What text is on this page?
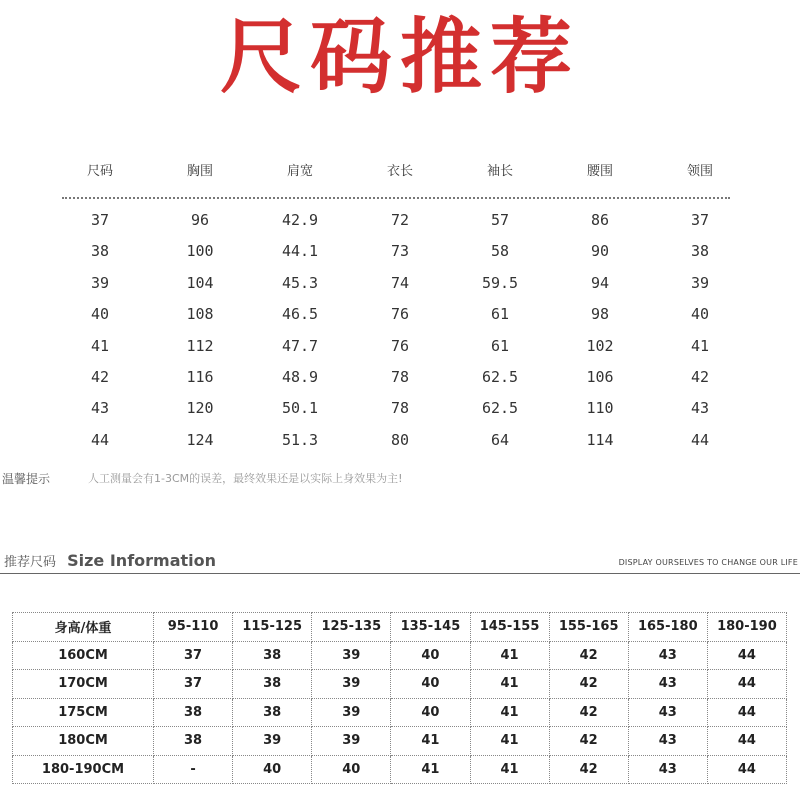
尺码推荐
尺码	胸围	肩宽	衣长	袖长	腰围	领围
37	96	42.9	72	57	86	37
38	100	44.1	73	58	90	38
39	104	45.3	74	59.5	94	39
40	108	46.5	76	61	98	40
41	112	47.7	76	61	102	41
42	116	48.9	78	62.5	106	42
43	120	50.1	78	62.5	110	43
44	124	51.3	80	64	114	44
温馨提示	人工测量会有1-3CM的误差，最终效果还是以实际上身效果为主!
推荐尺码 Size Information	DISPLAY OURSELVES TO CHANGE OUR LIFE
身高/体重	95-110	115-125	125-135	135-145	145-155	155-165	165-180	180-190
160CM	37	38	39	40	41	42	43	44
170CM	37	38	39	40	41	42	43	44
175CM	38	38	39	40	41	42	43	44
180CM	38	39	39	41	41	42	43	44
180-190CM	-	40	40	41	41	42	43	44
